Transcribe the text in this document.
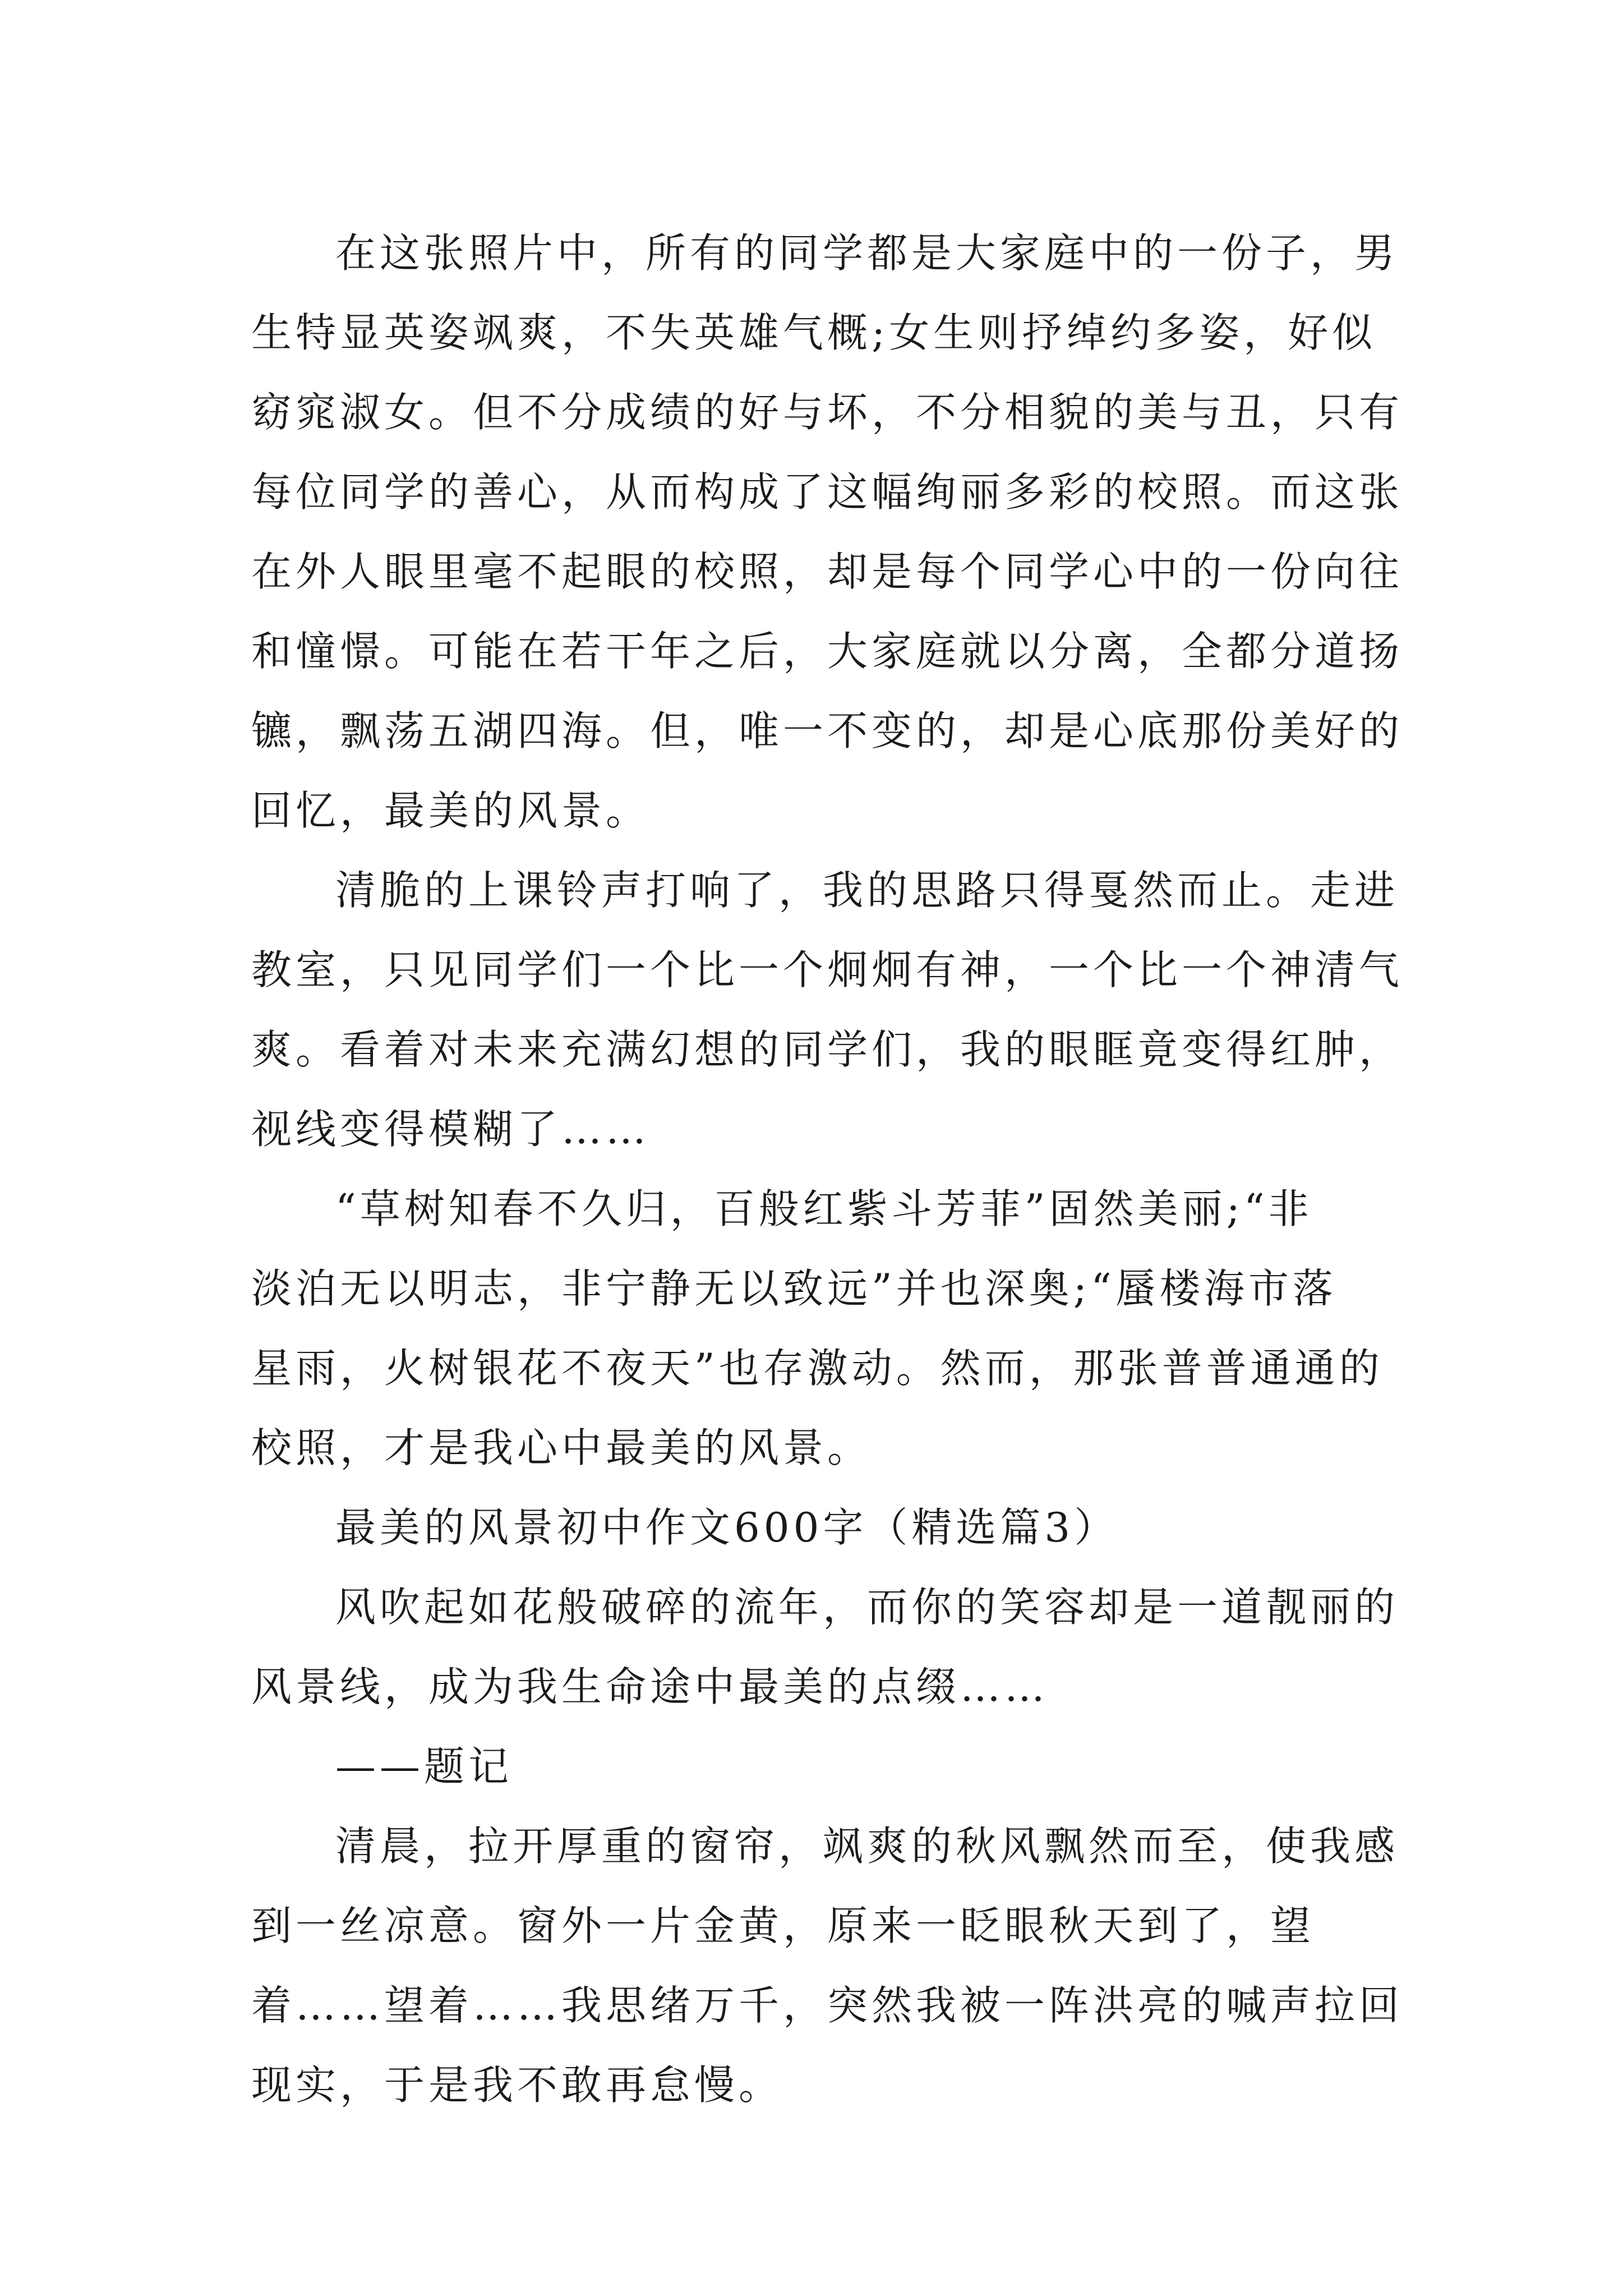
在这张照片中，所有的同学都是大家庭中的一份子，男
生特显英姿飒爽，不失英雄气概;女生则抒绰约多姿，好似
窈窕淑女。但不分成绩的好与坏，不分相貌的美与丑，只有
每位同学的善心，从而构成了这幅绚丽多彩的校照。而这张
在外人眼里毫不起眼的校照，却是每个同学心中的一份向往
和憧憬。可能在若干年之后，大家庭就以分离，全都分道扬
镳，飘荡五湖四海。但，唯一不变的，却是心底那份美好的
回忆，最美的风景。
清脆的上课铃声打响了，我的思路只得戛然而止。走进
教室，只见同学们一个比一个炯炯有神，一个比一个神清气
爽。看着对未来充满幻想的同学们，我的眼眶竟变得红肿，
视线变得模糊了……
“草树知春不久归，百般红紫斗芳菲”固然美丽;“非
淡泊无以明志，非宁静无以致远”并也深奥;“蜃楼海市落
星雨，火树银花不夜天”也存激动。然而，那张普普通通的
校照，才是我心中最美的风景。
最美的风景初中作文600字（精选篇3）
风吹起如花般破碎的流年，而你的笑容却是一道靓丽的
风景线，成为我生命途中最美的点缀……
——题记
清晨，拉开厚重的窗帘，飒爽的秋风飘然而至，使我感
到一丝凉意。窗外一片金黄，原来一眨眼秋天到了，望
着……望着……我思绪万千，突然我被一阵洪亮的喊声拉回
现实，于是我不敢再怠慢。
